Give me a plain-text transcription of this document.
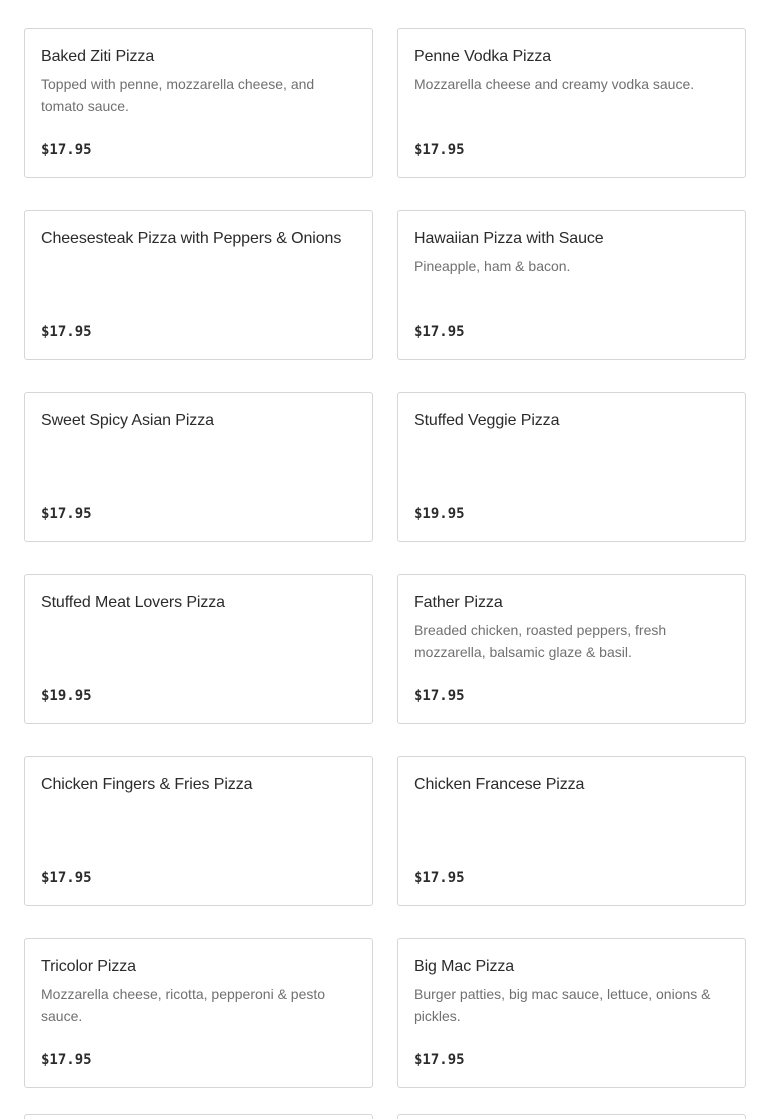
Baked Ziti Pizza
Topped with penne, mozzarella cheese, and tomato sauce.
$17.95
Penne Vodka Pizza
Mozzarella cheese and creamy vodka sauce.
$17.95
Cheesesteak Pizza with Peppers & Onions
$17.95
Hawaiian Pizza with Sauce
Pineapple, ham & bacon.
$17.95
Sweet Spicy Asian Pizza
$17.95
Stuffed Veggie Pizza
$19.95
Stuffed Meat Lovers Pizza
$19.95
Father Pizza
Breaded chicken, roasted peppers, fresh mozzarella, balsamic glaze & basil.
$17.95
Chicken Fingers & Fries Pizza
$17.95
Chicken Francese Pizza
$17.95
Tricolor Pizza
Mozzarella cheese, ricotta, pepperoni & pesto sauce.
$17.95
Big Mac Pizza
Burger patties, big mac sauce, lettuce, onions & pickles.
$17.95
